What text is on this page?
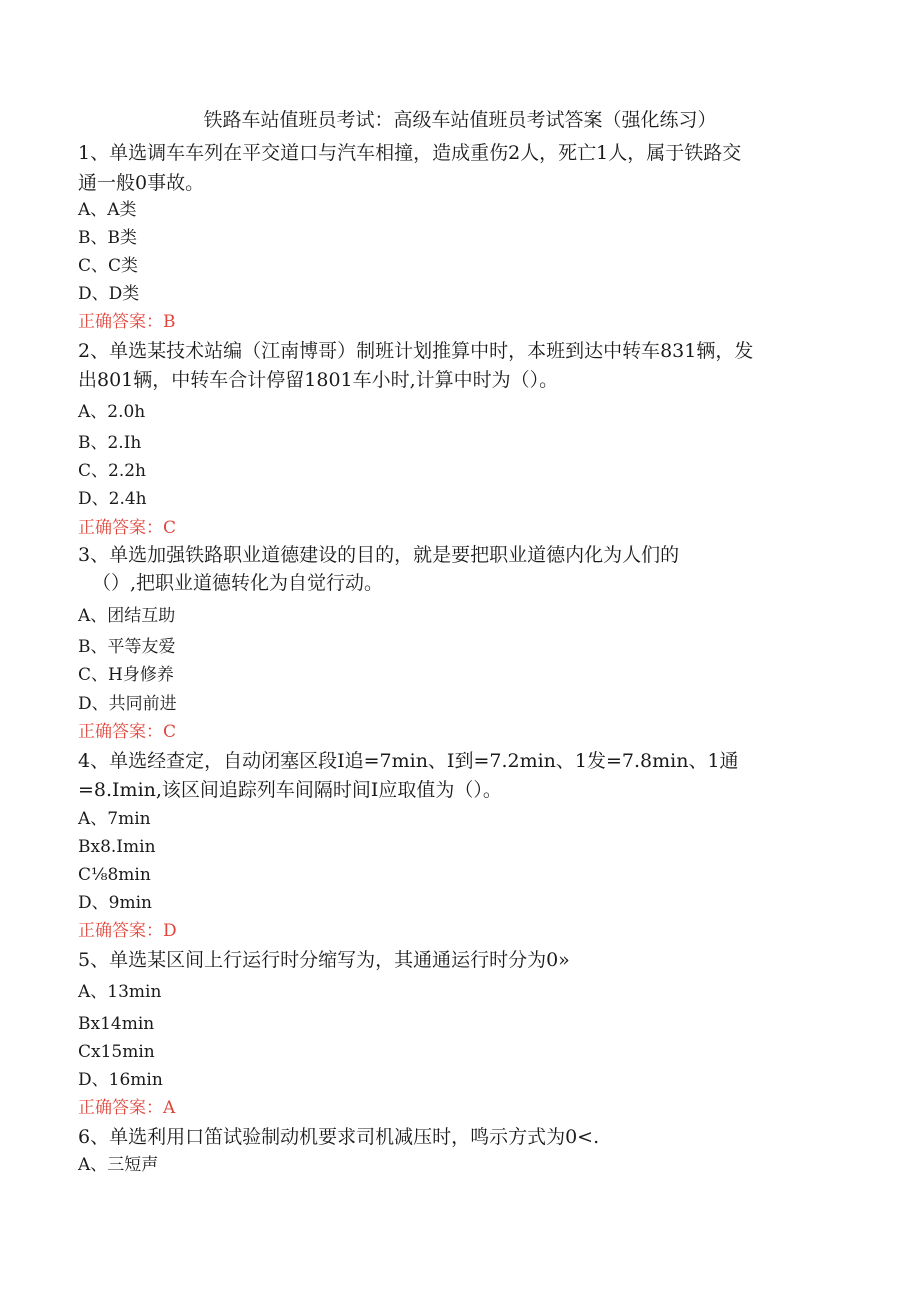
铁路车站值班员考试：高级车站值班员考试答案（强化练习）
1、单选调车车列在平交道口与汽车相撞，造成重伤2人，死亡1人，属于铁路交
通一般0事故。
A、A类
B、B类
C、C类
D、D类
正确答案：B
2、单选某技术站编（江南博哥）制班计划推算中时，本班到达中转车831辆，发
出801辆，中转车合计停留1801车小时,计算中时为（）。
A、2.0h
B、2.Ih
C、2.2h
D、2.4h
正确答案：C
3、单选加强铁路职业道德建设的目的，就是要把职业道德内化为人们的
（）,把职业道德转化为自觉行动。
A、团结互助
B、平等友爱
C、H身修养
D、共同前进
正确答案：C
4、单选经查定，自动闭塞区段I追=7min、I到=7.2min、1发=7.8min、1通
=8.Imin,该区间追踪列车间隔时间I应取值为（）。
A、7min
Bx8.Imin
C⅛8min
D、9min
正确答案：D
5、单选某区间上行运行时分缩写为，其通通运行时分为0»
A、13min
Bx14min
Cx15min
D、16min
正确答案：A
6、单选利用口笛试验制动机要求司机减压时，鸣示方式为0<.
A、三短声
